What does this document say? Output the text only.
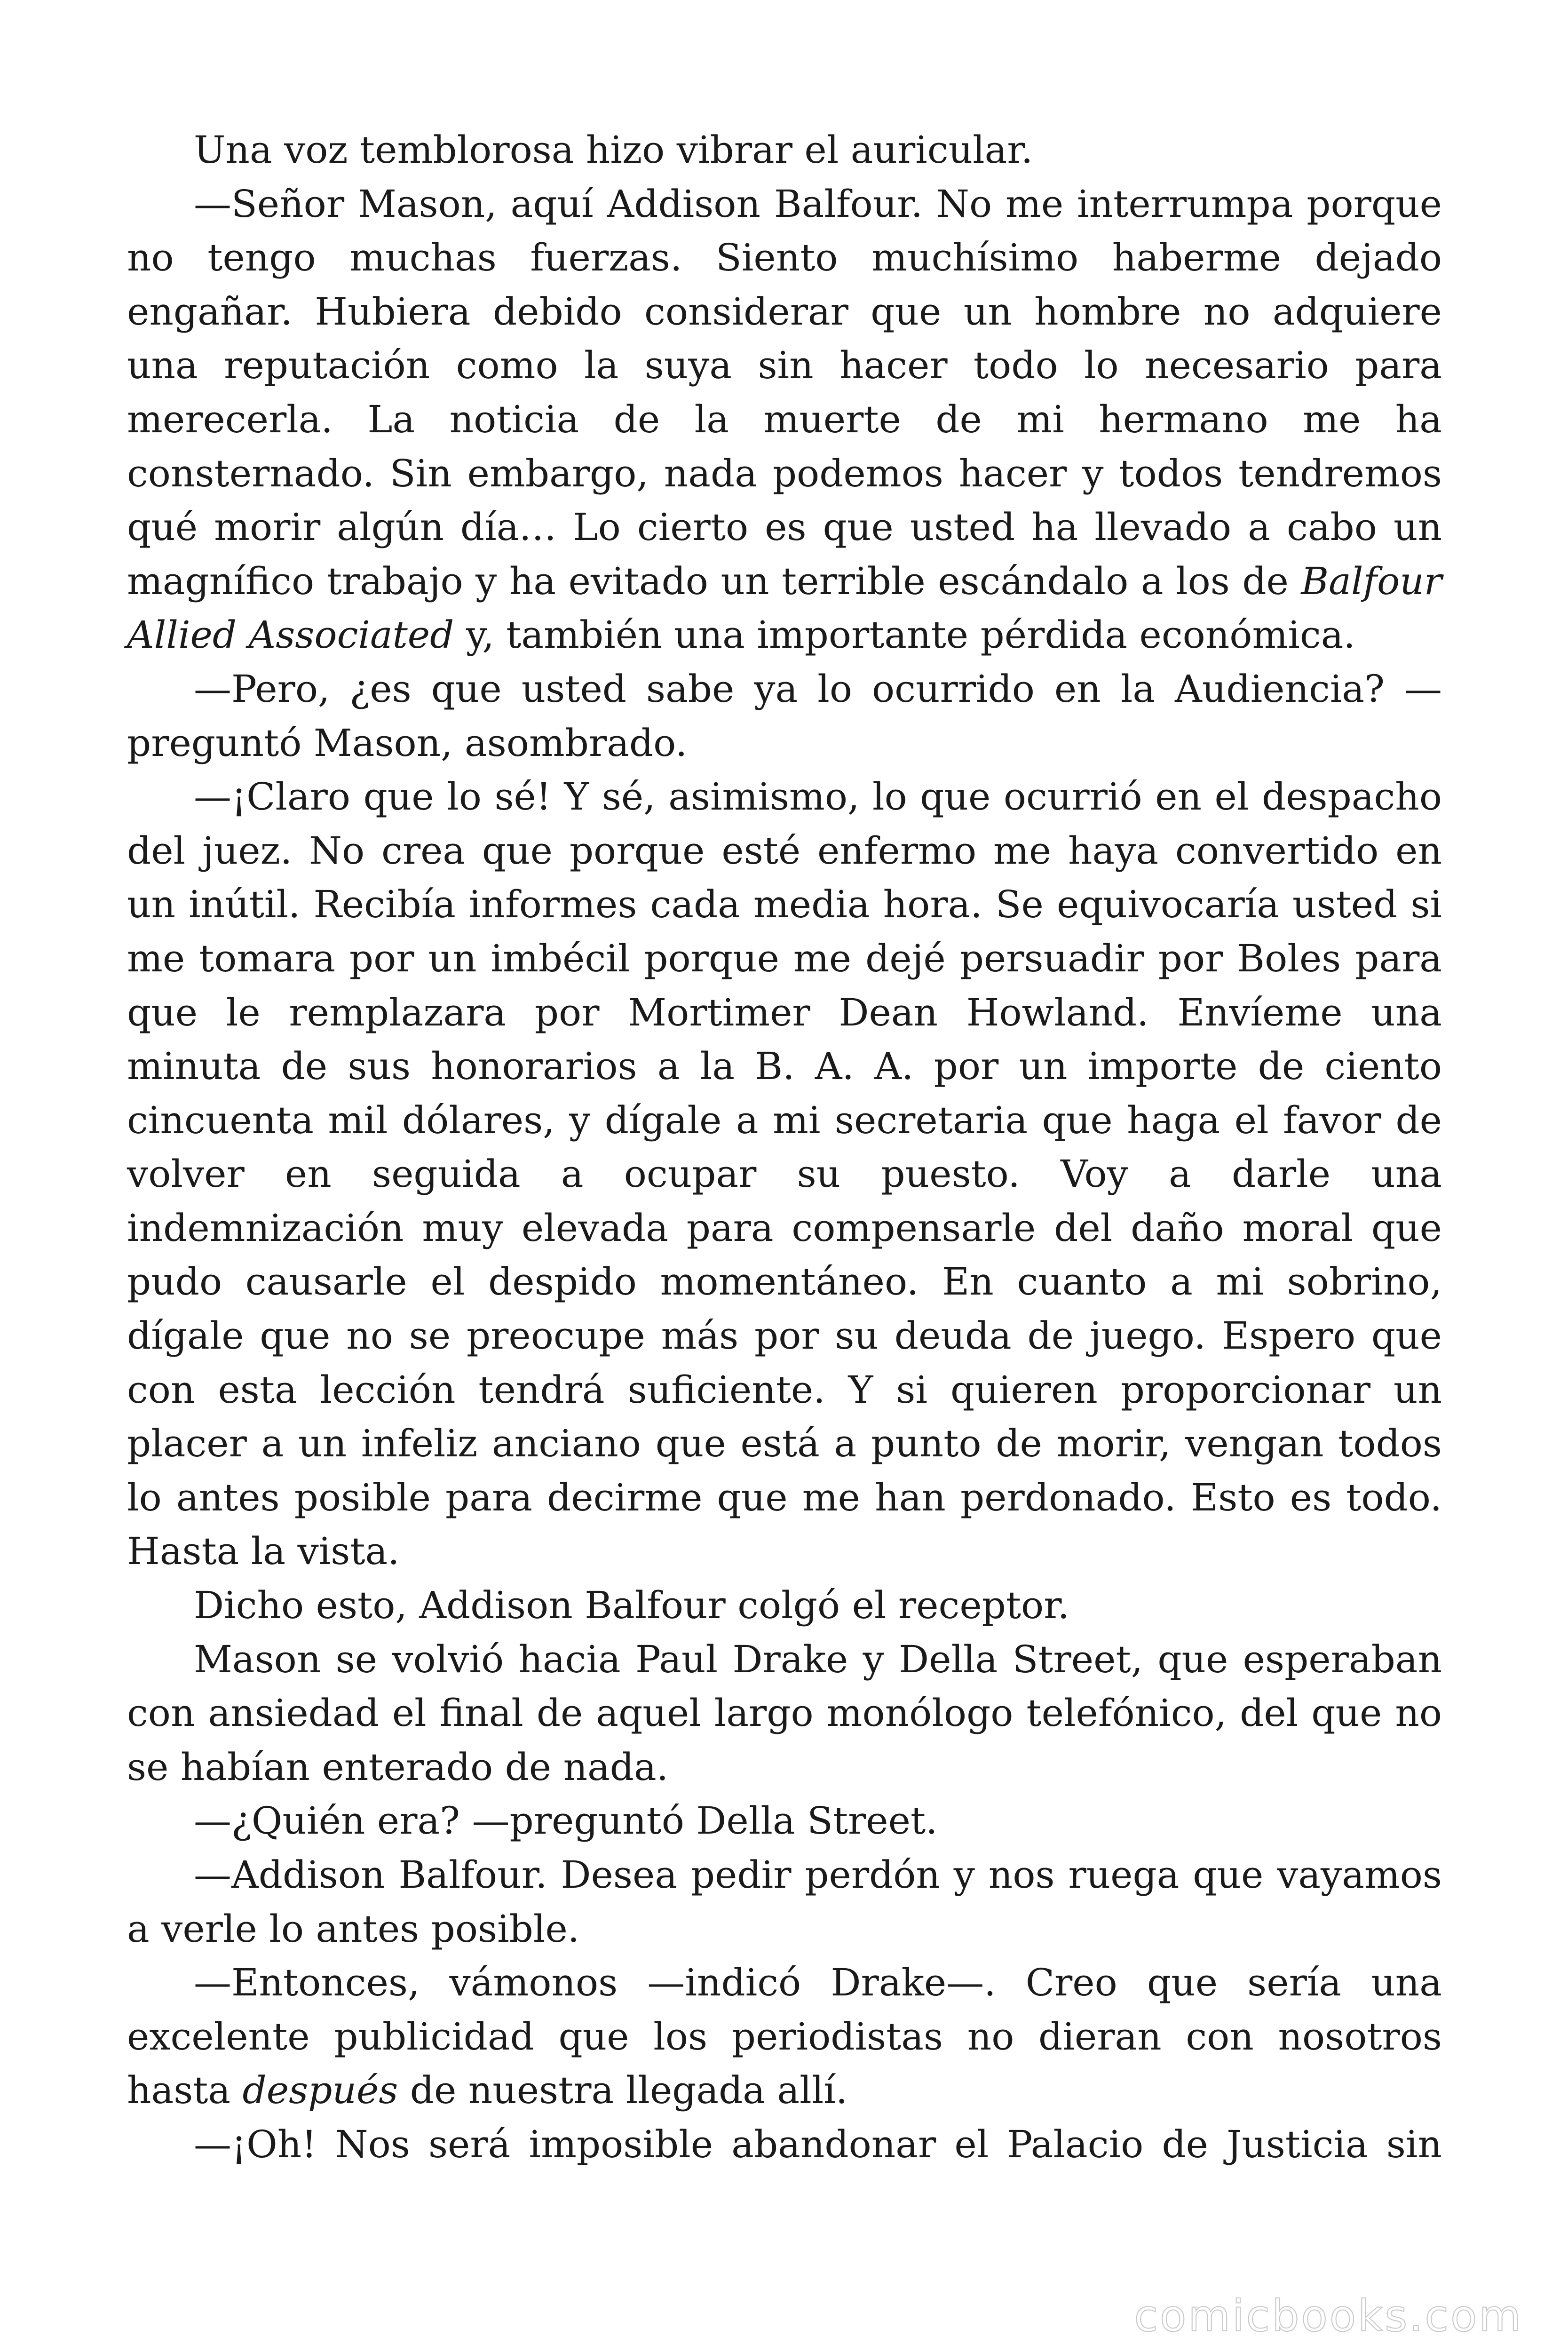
Una voz temblorosa hizo vibrar el auricular.

—Señor Mason, aquí Addison Balfour. No me interrumpa porque no tengo muchas fuerzas. Siento muchísimo haberme dejado engañar. Hubiera debido considerar que un hombre no adquiere una reputación como la suya sin hacer todo lo necesario para merecerla. La noticia de la muerte de mi hermano me ha consternado. Sin embargo, nada podemos hacer y todos tendremos qué morir algún día… Lo cierto es que usted ha llevado a cabo un magnífico trabajo y ha evitado un terrible escándalo a los de Balfour Allied Associated y, también una importante pérdida económica.

—Pero, ¿es que usted sabe ya lo ocurrido en la Audiencia? — preguntó Mason, asombrado.

—¡Claro que lo sé! Y sé, asimismo, lo que ocurrió en el despacho del juez. No crea que porque esté enfermo me haya convertido en un inútil. Recibía informes cada media hora. Se equivocaría usted si me tomara por un imbécil porque me dejé persuadir por Boles para que le remplazara por Mortimer Dean Howland. Envíeme una minuta de sus honorarios a la B. A. A. por un importe de ciento cincuenta mil dólares, y dígale a mi secretaria que haga el favor de volver en seguida a ocupar su puesto. Voy a darle una indemnización muy elevada para compensarle del daño moral que pudo causarle el despido momentáneo. En cuanto a mi sobrino, dígale que no se preocupe más por su deuda de juego. Espero que con esta lección tendrá suficiente. Y si quieren proporcionar un placer a un infeliz anciano que está a punto de morir, vengan todos lo antes posible para decirme que me han perdonado. Esto es todo. Hasta la vista.

Dicho esto, Addison Balfour colgó el receptor.

Mason se volvió hacia Paul Drake y Della Street, que esperaban con ansiedad el final de aquel largo monólogo telefónico, del que no se habían enterado de nada.

—¿Quién era? —preguntó Della Street.

—Addison Balfour. Desea pedir perdón y nos ruega que vayamos a verle lo antes posible.

—Entonces, vámonos —indicó Drake—. Creo que sería una excelente publicidad que los periodistas no dieran con nosotros hasta después de nuestra llegada allí.

—¡Oh! Nos será imposible abandonar el Palacio de Justicia sin

comicbooks.com
